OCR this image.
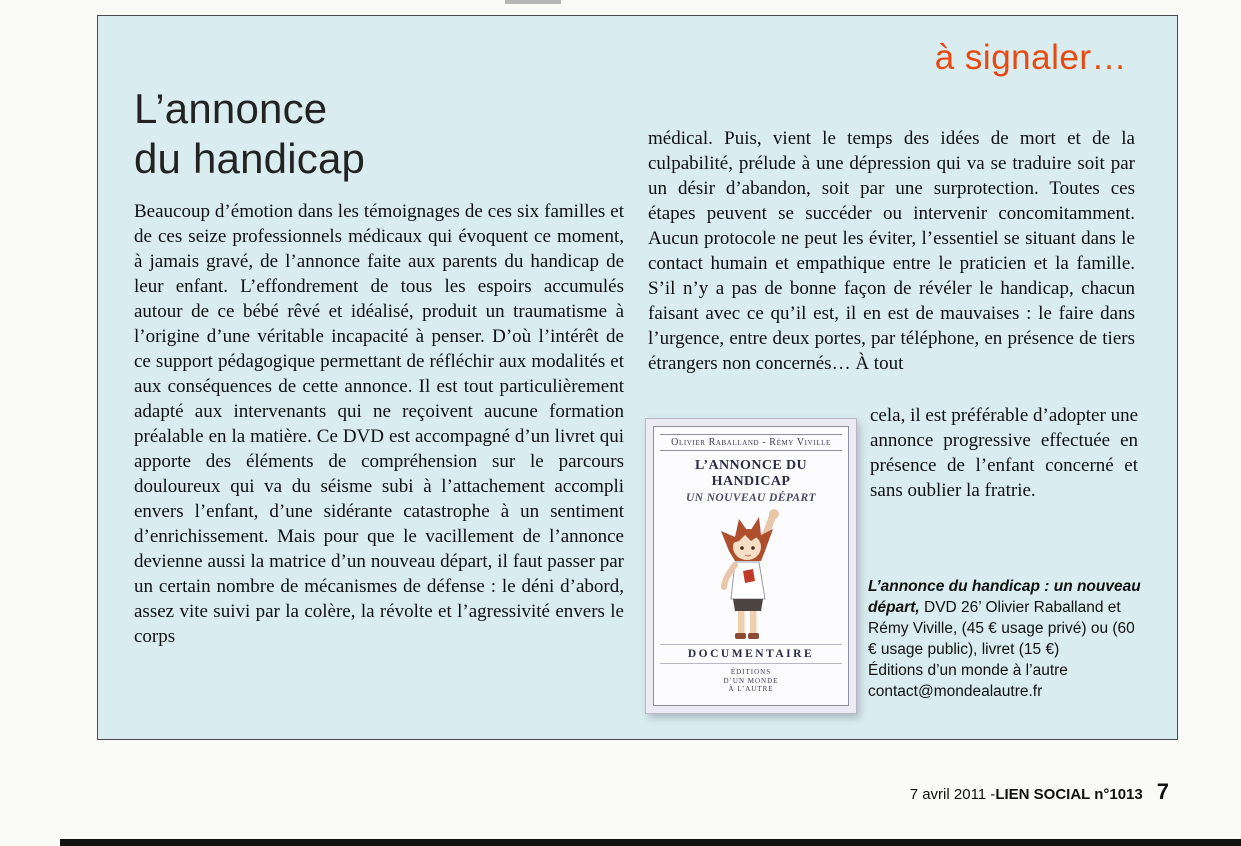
à signaler…
L’annonce
du handicap
Beaucoup d’émotion dans les témoignages de ces six familles et de ces seize professionnels médicaux qui évoquent ce moment, à jamais gravé, de l’annonce faite aux parents du handicap de leur enfant. L’effondrement de tous les espoirs accumulés autour de ce bébé rêvé et idéalisé, produit un traumatisme à l’origine d’une véritable incapacité à penser. D’où l’intérêt de ce support pédagogique permettant de réfléchir aux modalités et aux conséquences de cette annonce. Il est tout particulièrement adapté aux intervenants qui ne reçoivent aucune formation préalable en la matière. Ce DVD est accompagné d’un livret qui apporte des éléments de compréhension sur le parcours douloureux qui va du séisme subi à l’attachement accompli envers l’enfant, d’une sidérante catastrophe à un sentiment d’enrichissement. Mais pour que le vacillement de l’annonce devienne aussi la matrice d’un nouveau départ, il faut passer par un certain nombre de mécanismes de défense : le déni d’abord, assez vite suivi par la colère, la révolte et l’agressivité envers le corps
médical. Puis, vient le temps des idées de mort et de la culpabilité, prélude à une dépression qui va se traduire soit par un désir d’abandon, soit par une surprotection. Toutes ces étapes peuvent se succéder ou intervenir concomitamment. Aucun protocole ne peut les éviter, l’essentiel se situant dans le contact humain et empathique entre le praticien et la famille. S’il n’y a pas de bonne façon de révéler le handicap, chacun faisant avec ce qu’il est, il en est de mauvaises : le faire dans l’urgence, entre deux portes, par téléphone, en présence de tiers étrangers non concernés… À tout
Olivier Raballand - Rémy Viville
L’ANNONCE DU HANDICAP
UN NOUVEAU DÉPART
DOCUMENTAIRE
ÉDITIONS
D’UN MONDE
À L’AUTRE
cela, il est préférable d’adopter une annonce progressive effectuée en présence de l’enfant concerné et sans oublier la fratrie.
L’annonce du handicap : un nouveau départ, DVD 26’ Olivier Raballand et Rémy Viville, (45 € usage privé) ou (60 € usage public), livret (15 €)
Éditions d’un monde à l’autre
contact@mondealautre.fr
7 avril 2011 - LIEN SOCIAL n°1013 7
